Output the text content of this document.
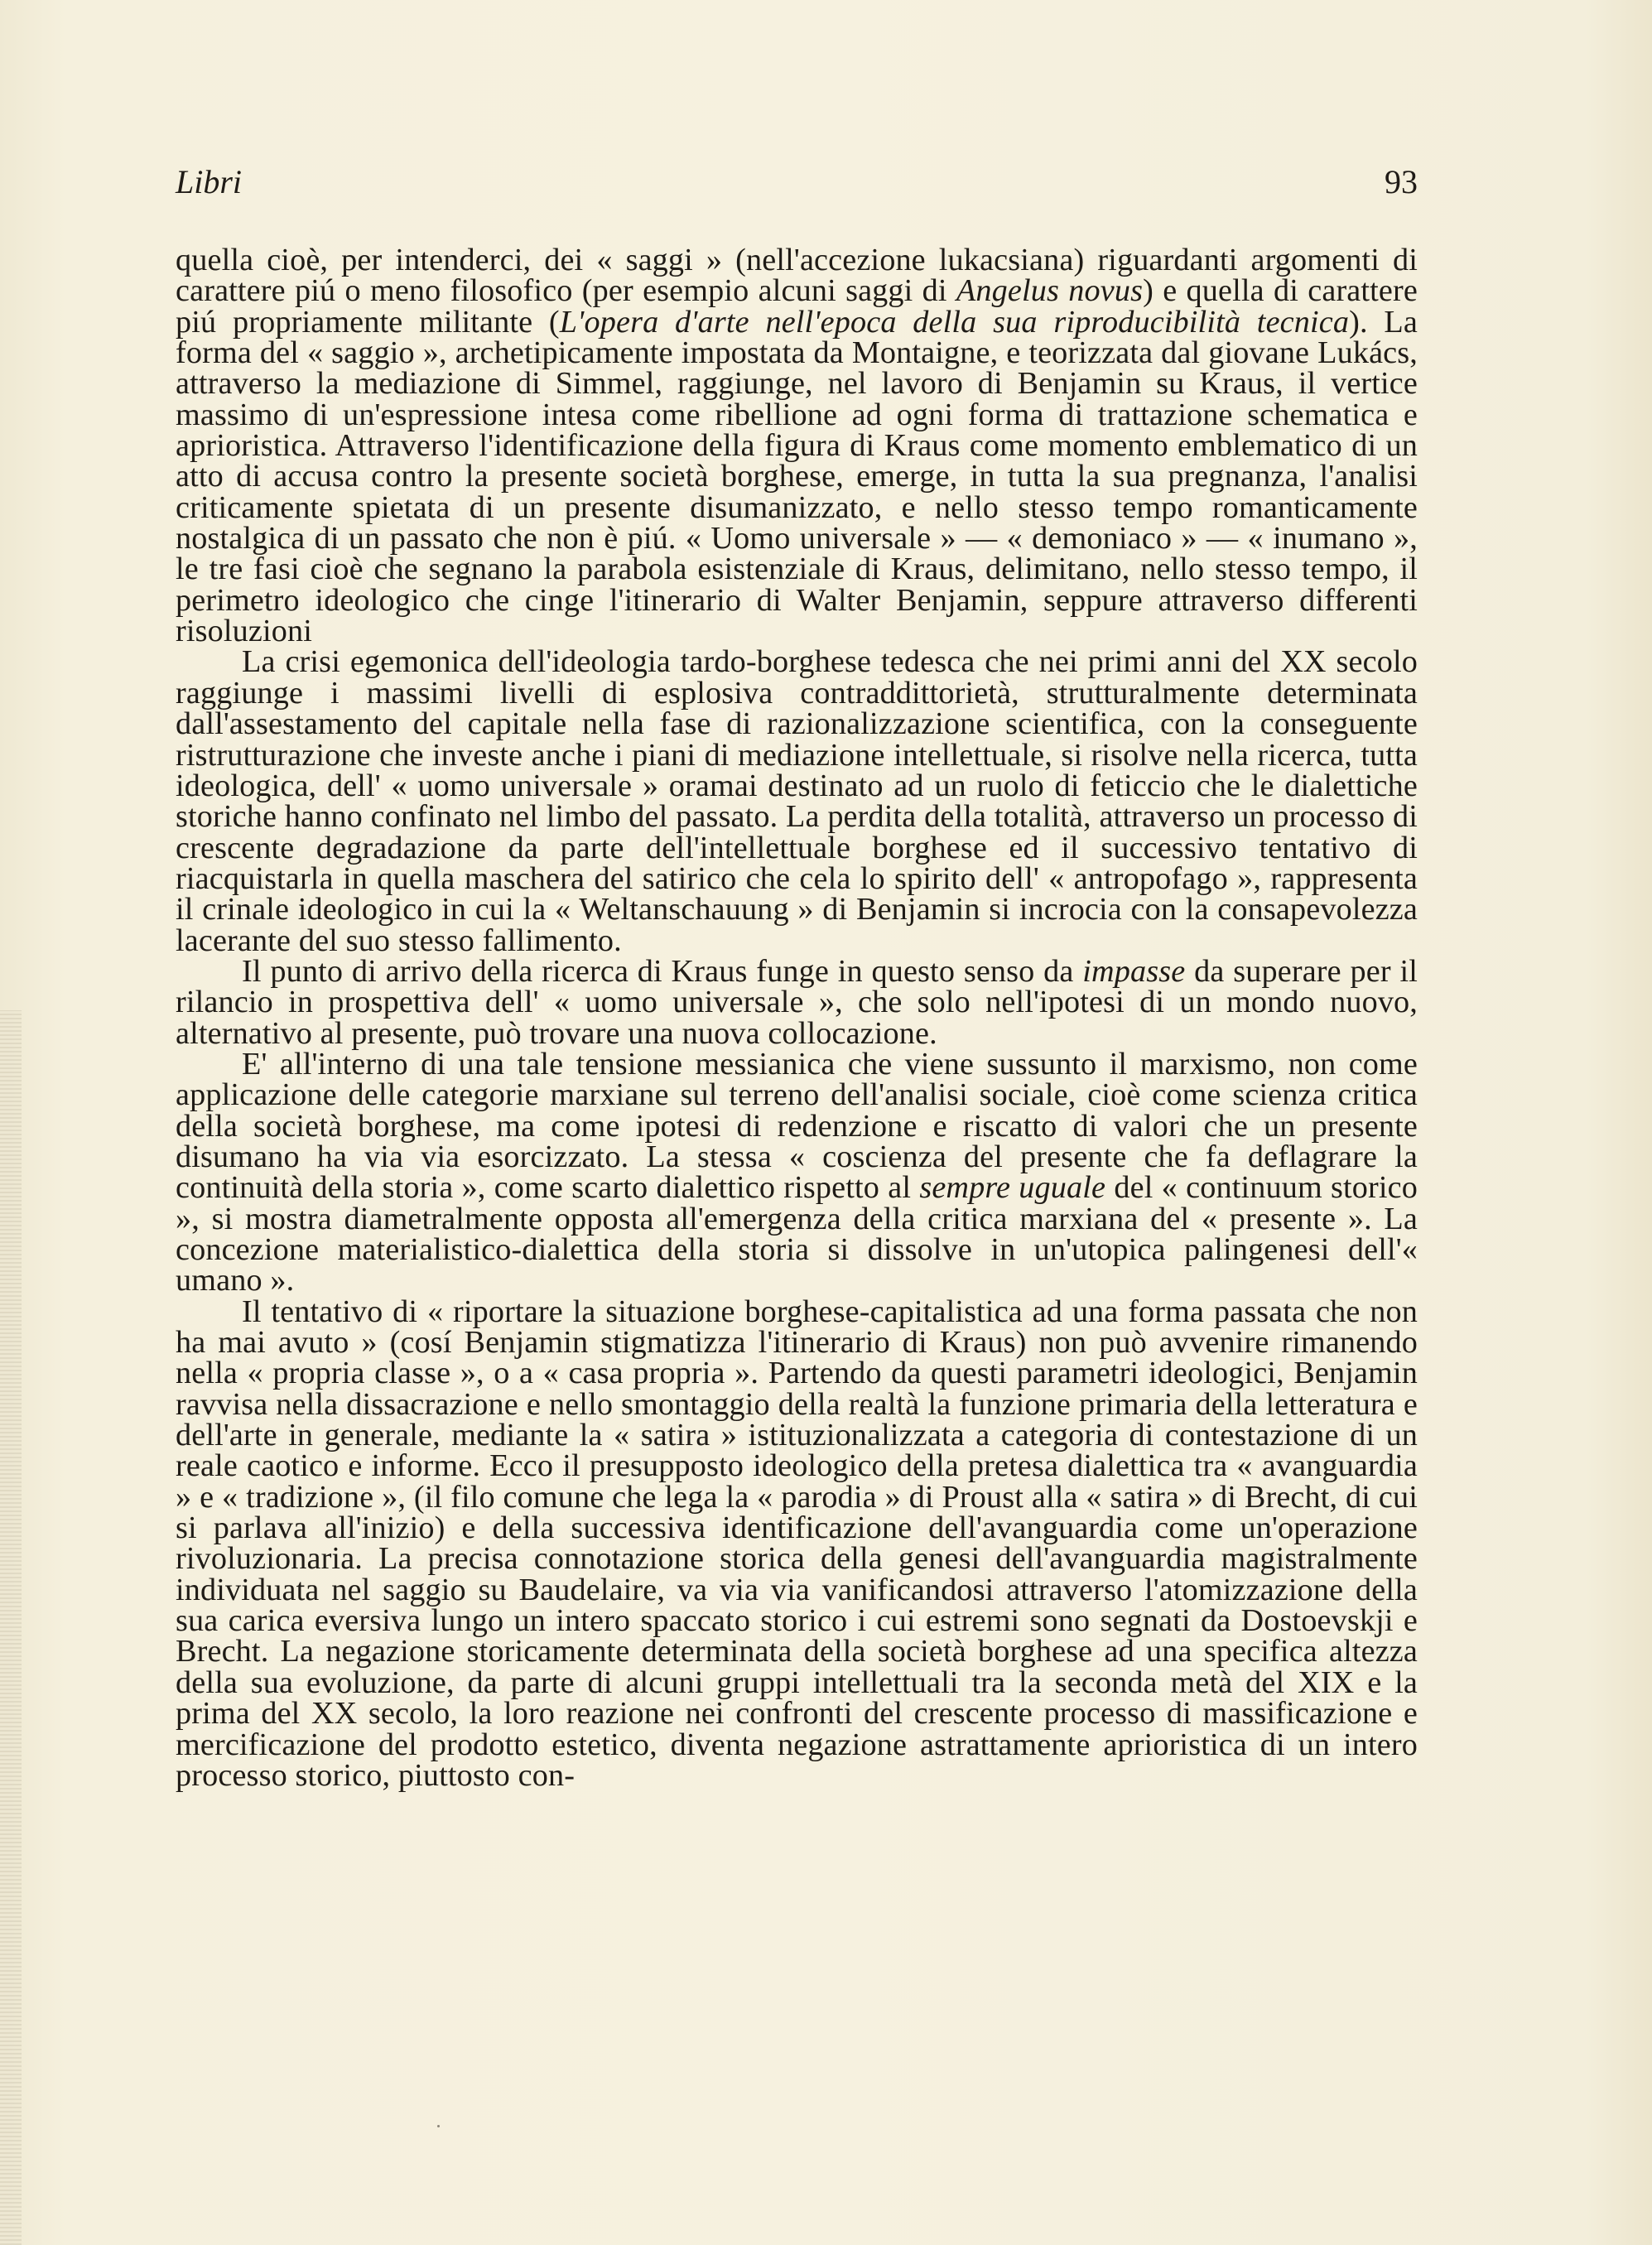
Libri	93

quella cioè, per intenderci, dei « saggi » (nell'accezione lukacsiana) riguardanti argomenti di carattere piú o meno filosofico (per esempio alcuni saggi di Angelus novus) e quella di carattere piú propriamente militante (L'opera d'arte nell'epoca della sua riproducibilità tecnica). La forma del « saggio », archetipicamente impostata da Montaigne, e teorizzata dal giovane Lukács, attraverso la mediazione di Simmel, raggiunge, nel lavoro di Benjamin su Kraus, il vertice massimo di un'espressione intesa come ribellione ad ogni forma di trattazione schematica e aprioristica. Attraverso l'identificazione della figura di Kraus come momento emblematico di un atto di accusa contro la presente società borghese, emerge, in tutta la sua pregnanza, l'analisi criticamente spietata di un presente disumanizzato, e nello stesso tempo romanticamente nostalgica di un passato che non è piú. « Uomo universale » — « demoniaco » — « inumano », le tre fasi cioè che segnano la parabola esistenziale di Kraus, delimitano, nello stesso tempo, il perimetro ideologico che cinge l'itinerario di Walter Benjamin, seppure attraverso differenti risoluzioni

La crisi egemonica dell'ideologia tardo-borghese tedesca che nei primi anni del XX secolo raggiunge i massimi livelli di esplosiva contraddittorietà, strutturalmente determinata dall'assestamento del capitale nella fase di razionalizzazione scientifica, con la conseguente ristrutturazione che investe anche i piani di mediazione intellettuale, si risolve nella ricerca, tutta ideologica, dell' « uomo universale » oramai destinato ad un ruolo di feticcio che le dialettiche storiche hanno confinato nel limbo del passato. La perdita della totalità, attraverso un processo di crescente degradazione da parte dell'intellettuale borghese ed il successivo tentativo di riacquistarla in quella maschera del satirico che cela lo spirito dell' « antropofago », rappresenta il crinale ideologico in cui la « Weltanschauung » di Benjamin si incrocia con la consapevolezza lacerante del suo stesso fallimento.

Il punto di arrivo della ricerca di Kraus funge in questo senso da impasse da superare per il rilancio in prospettiva dell' « uomo universale », che solo nell'ipotesi di un mondo nuovo, alternativo al presente, può trovare una nuova collocazione.

E' all'interno di una tale tensione messianica che viene sussunto il marxismo, non come applicazione delle categorie marxiane sul terreno dell'analisi sociale, cioè come scienza critica della società borghese, ma come ipotesi di redenzione e riscatto di valori che un presente disumano ha via via esorcizzato. La stessa « coscienza del presente che fa deflagrare la continuità della storia », come scarto dialettico rispetto al sempre uguale del « continuum storico », si mostra diametralmente opposta all'emergenza della critica marxiana del « presente ». La concezione materialistico-dialettica della storia si dissolve in un'utopica palingenesi dell'« umano ».

Il tentativo di « riportare la situazione borghese-capitalistica ad una forma passata che non ha mai avuto » (cosí Benjamin stigmatizza l'itinerario di Kraus) non può avvenire rimanendo nella « propria classe », o a « casa propria ». Partendo da questi parametri ideologici, Benjamin ravvisa nella dissacrazione e nello smontaggio della realtà la funzione primaria della letteratura e dell'arte in generale, mediante la « satira » istituzionalizzata a categoria di contestazione di un reale caotico e informe. Ecco il presupposto ideologico della pretesa dialettica tra « avanguardia » e « tradizione », (il filo comune che lega la « parodia » di Proust alla « satira » di Brecht, di cui si parlava all'inizio) e della successiva identificazione dell'avanguardia come un'operazione rivoluzionaria. La precisa connotazione storica della genesi dell'avanguardia magistralmente individuata nel saggio su Baudelaire, va via via vanificandosi attraverso l'atomizzazione della sua carica eversiva lungo un intero spaccato storico i cui estremi sono segnati da Dostoevskji e Brecht. La negazione storicamente determinata della società borghese ad una specifica altezza della sua evoluzione, da parte di alcuni gruppi intellettuali tra la seconda metà del XIX e la prima del XX secolo, la loro reazione nei confronti del crescente processo di massificazione e mercificazione del prodotto estetico, diventa negazione astrattamente aprioristica di un intero processo storico, piuttosto con-
